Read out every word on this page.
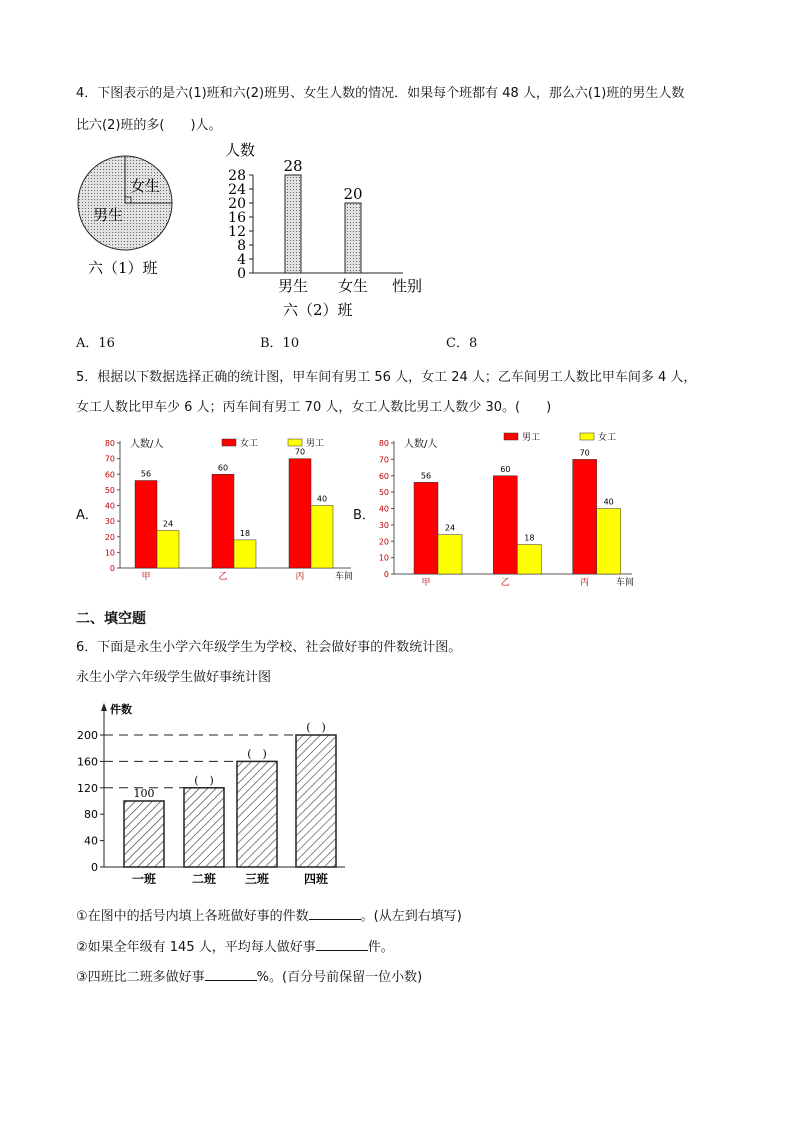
4．下图表示的是六(1)班和六(2)班男、女生人数的情况．如果每个班都有 48 人，那么六(1)班的男生人数
比六(2)班的多(　　)人。
女生
男生
六（1）班
人数
0
4
8
12
16
20
24
28
28
男生
20
女生 性别
六（2）班
A．16	B．10	C．8
5．根据以下数据选择正确的统计图，甲车间有男工 56 人，女工 24 人；乙车间男工人数比甲车间多 4 人，
女工人数比甲车少 6 人；丙车间有男工 70 人，女工人数比男工人数少 30。(　　)
A．
0
10
20
30
40
50
60
70
80 人数/人	女工	男工
56
24
甲
60
18
乙
70
40
丙	车间
B．
0
10
20
30
40
50
60
70
80 人数/人
男工	女工
56
24
甲
60
18
乙
70
40
丙	车间
二、填空题
6．下面是永生小学六年级学生为学校、社会做好事的件数统计图。
永生小学六年级学生做好事统计图
件数
0
40
80
120
160
200
100
一班
(　)
二班
(　)
三班
(　)
四班
①在图中的括号内填上各班做好事的件数	。(从左到右填写)
②如果全年级有 145 人，平均每人做好事	件。
③四班比二班多做好事	%。(百分号前保留一位小数)
